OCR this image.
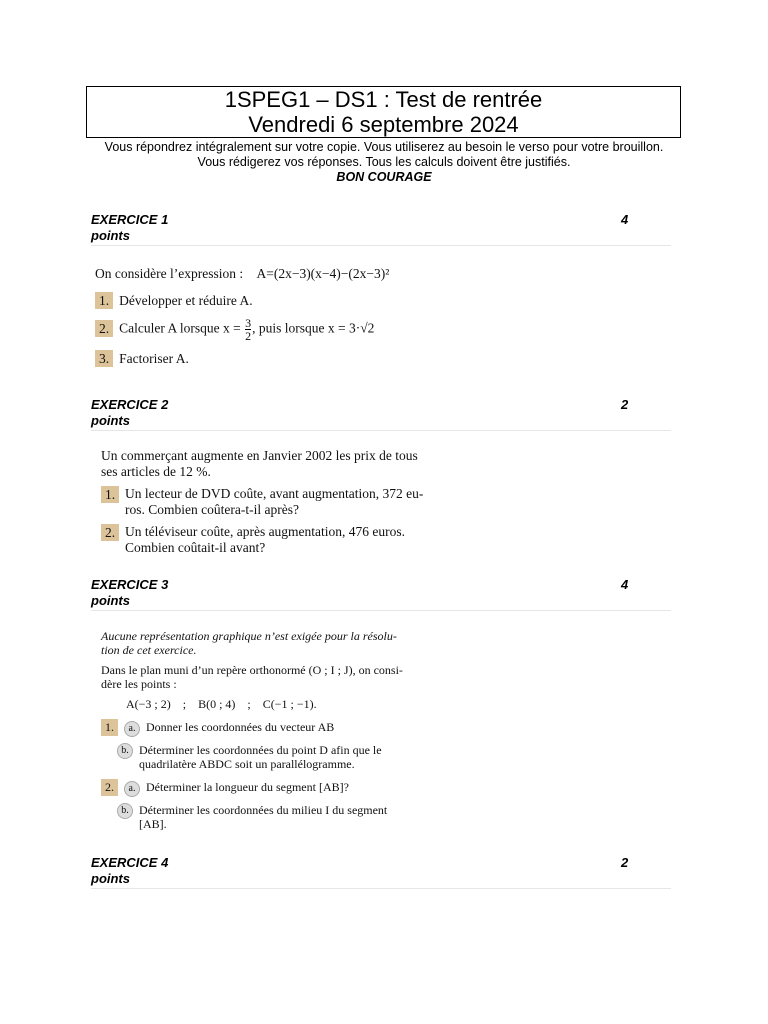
1SPEG1 – DS1 : Test de rentrée
Vendredi 6 septembre 2024
Vous répondrez intégralement sur votre copie. Vous utiliserez au besoin le verso pour votre brouillon.
Vous rédigerez vos réponses. Tous les calculs doivent être justifiés.
BON COURAGE
EXERCICE 1	4
points
On considère l’expression : A=(2x−3)(x−4)−(2x−3)²
1. Développer et réduire A.
2. Calculer A lorsque $x = \frac{3}{2}$ , puis lorsque x = 3·√2
3. Factoriser A.
EXERCICE 2	2
points
Un commerçant augmente en Janvier 2002 les prix de tous
ses articles de 12 %.
1. Un lecteur de DVD coûte, avant augmentation, 372 eu-
ros. Combien coûtera-t-il après?
2. Un téléviseur coûte, après augmentation, 476 euros.
Combien coûtait-il avant?
EXERCICE 3	4
points
Aucune représentation graphique n’est exigée pour la résolu-
tion de cet exercice.
Dans le plan muni d’un repère orthonormé (O ; I ; J), on consi-
dère les points :
A(−3 ; 2)    ;    B(0 ; 4)    ;    C(−1 ; −1).
1. a. Donner les coordonnées du vecteur AB
b. Déterminer les coordonnées du point D afin que le
quadrilatère ABDC soit un parallélogramme.
2. a. Déterminer la longueur du segment [AB]?
b. Déterminer les coordonnées du milieu I du segment
[AB].
EXERCICE 4	2
points
